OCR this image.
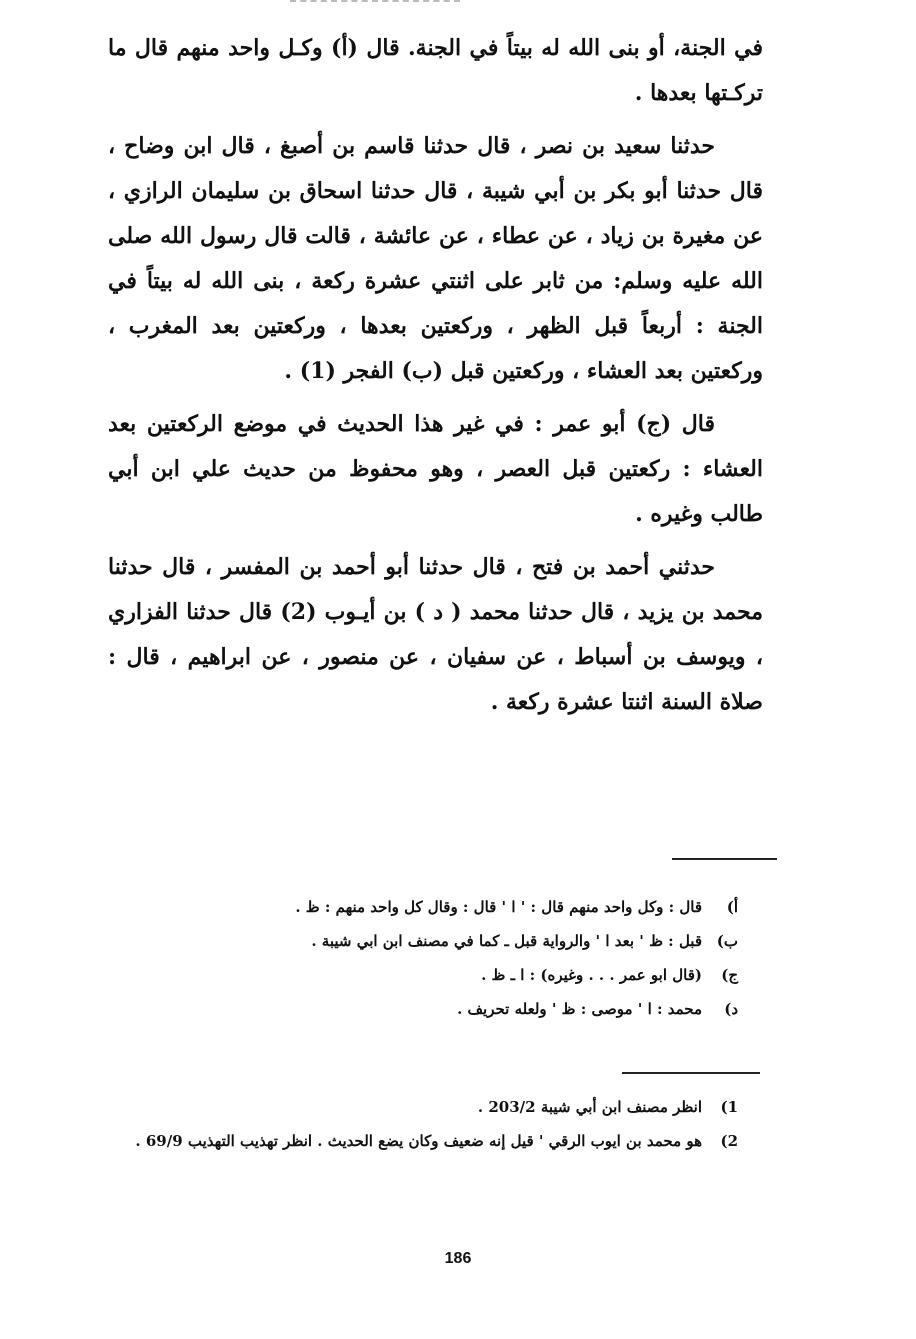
في الجنة، أو بنى الله له بيتاً في الجنة. قال (أ) وكـل واحد منهم قال ما تركـتها بعدها .

حدثنا سعيد بن نصر ، قال حدثنا قاسم بن أصبغ ، قال ابن وضاح ، قال حدثنا أبو بكر بن أبي شيبة ، قال حدثنا اسحاق بن سليمان الرازي ، عن مغيرة بن زياد ، عن عطاء ، عن عائشة ، قالت قال رسول الله صلى الله عليه وسلم: من ثابر على اثنتي عشرة ركعة ، بنى الله له بيتاً في الجنة : أربعاً قبل الظهر ، وركعتين بعدها ، وركعتين بعد المغرب ، وركعتين بعد العشاء ، وركعتين قبل (ب) الفجر (1) .

قال (ج) أبو عمر : في غير هذا الحديث في موضع الركعتين بعد العشاء : ركعتين قبل العصر ، وهو محفوظ من حديث علي ابن أبي طالب وغيره .

حدثني أحمد بن فتح ، قال حدثنا أبو أحمد بن المفسر ، قال حدثنا محمد بن يزيد ، قال حدثنا محمد ( د ) بن أيـوب (2) قال حدثنا الفزاري ، ويوسف بن أسباط ، عن سفيان ، عن منصور ، عن ابراهيم ، قال : صلاة السنة اثنتا عشرة ركعة .

أ)
قال : وكل واحد منهم قال : ' ا ' قال : وقال كل واحد منهم : ظ .
ب)
قبل : ظ ' بعد ا ' والرواية قبل ـ كما في مصنف ابن ابي شيبة .
ج)
(قال ابو عمر . . . وغيره) : ا ـ ظ .
د)
محمد : ا ' موصى : ظ ' ولعله تحريف .
1)
انظر مصنف ابن أبي شيبة 203/2 .
2)
هو محمد بن ايوب الرقي ' قيل إنه ضعيف وكان يضع الحديث . انظر تهذيب التهذيب 69/9 .
186
